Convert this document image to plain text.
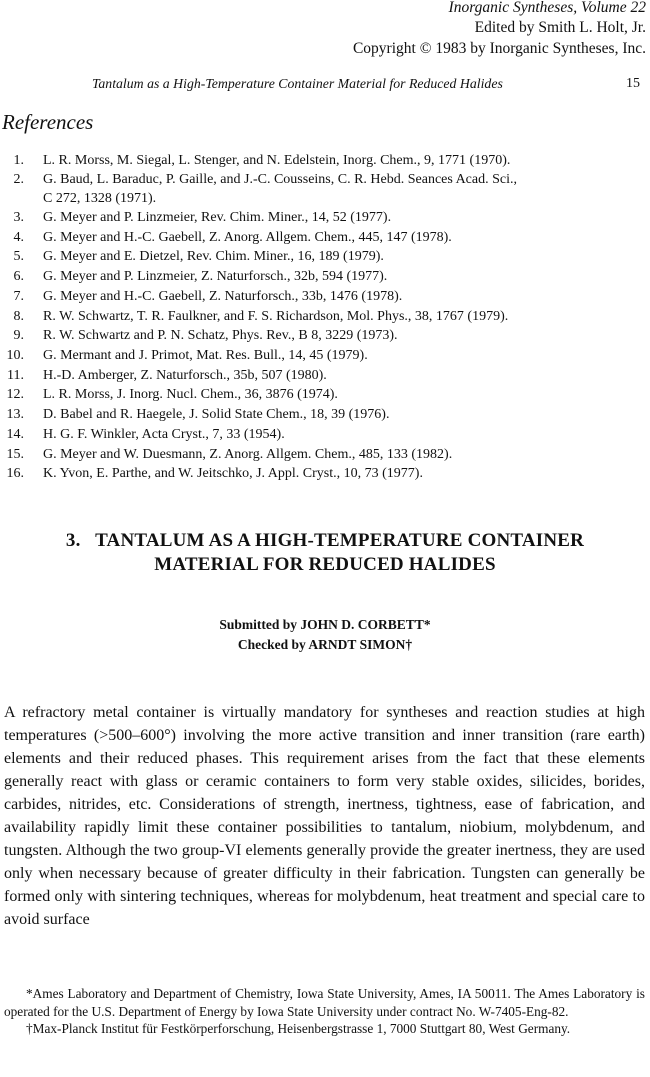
Inorganic Syntheses, Volume 22
Edited by Smith L. Holt, Jr.
Copyright © 1983 by Inorganic Syntheses, Inc.
Tantalum as a High-Temperature Container Material for Reduced Halides	15
References
1. L. R. Morss, M. Siegal, L. Stenger, and N. Edelstein, Inorg. Chem., 9, 1771 (1970).
2. G. Baud, L. Baraduc, P. Gaille, and J.-C. Cousseins, C. R. Hebd. Seances Acad. Sci.,
C 272, 1328 (1971).
3. G. Meyer and P. Linzmeier, Rev. Chim. Miner., 14, 52 (1977).
4. G. Meyer and H.-C. Gaebell, Z. Anorg. Allgem. Chem., 445, 147 (1978).
5. G. Meyer and E. Dietzel, Rev. Chim. Miner., 16, 189 (1979).
6. G. Meyer and P. Linzmeier, Z. Naturforsch., 32b, 594 (1977).
7. G. Meyer and H.-C. Gaebell, Z. Naturforsch., 33b, 1476 (1978).
8. R. W. Schwartz, T. R. Faulkner, and F. S. Richardson, Mol. Phys., 38, 1767 (1979).
9. R. W. Schwartz and P. N. Schatz, Phys. Rev., B 8, 3229 (1973).
10. G. Mermant and J. Primot, Mat. Res. Bull., 14, 45 (1979).
11. H.-D. Amberger, Z. Naturforsch., 35b, 507 (1980).
12. L. R. Morss, J. Inorg. Nucl. Chem., 36, 3876 (1974).
13. D. Babel and R. Haegele, J. Solid State Chem., 18, 39 (1976).
14. H. G. F. Winkler, Acta Cryst., 7, 33 (1954).
15. G. Meyer and W. Duesmann, Z. Anorg. Allgem. Chem., 485, 133 (1982).
16. K. Yvon, E. Parthe, and W. Jeitschko, J. Appl. Cryst., 10, 73 (1977).
3.   TANTALUM AS A HIGH-TEMPERATURE CONTAINER
MATERIAL FOR REDUCED HALIDES
Submitted by JOHN D. CORBETT*
Checked by ARNDT SIMON†

A refractory metal container is virtually mandatory for syntheses and reaction studies at high temperatures (>500–600°) involving the more active transition and inner transition (rare earth) elements and their reduced phases. This requirement arises from the fact that these elements generally react with glass or ceramic containers to form very stable oxides, silicides, borides, carbides, nitrides, etc. Considerations of strength, inertness, tightness, ease of fabrication, and availability rapidly limit these container possibilities to tantalum, niobium, molybdenum, and tungsten. Although the two group-VI elements generally provide the greater inertness, they are used only when necessary because of greater difficulty in their fabrication. Tungsten can generally be formed only with sintering techniques, whereas for molybdenum, heat treatment and special care to avoid surface

*Ames Laboratory and Department of Chemistry, Iowa State University, Ames, IA 50011. The Ames Laboratory is operated for the U.S. Department of Energy by Iowa State University under contract No. W-7405-Eng-82.

†Max-Planck Institut für Festkörperforschung, Heisenbergstrasse 1, 7000 Stuttgart 80, West Germany.
